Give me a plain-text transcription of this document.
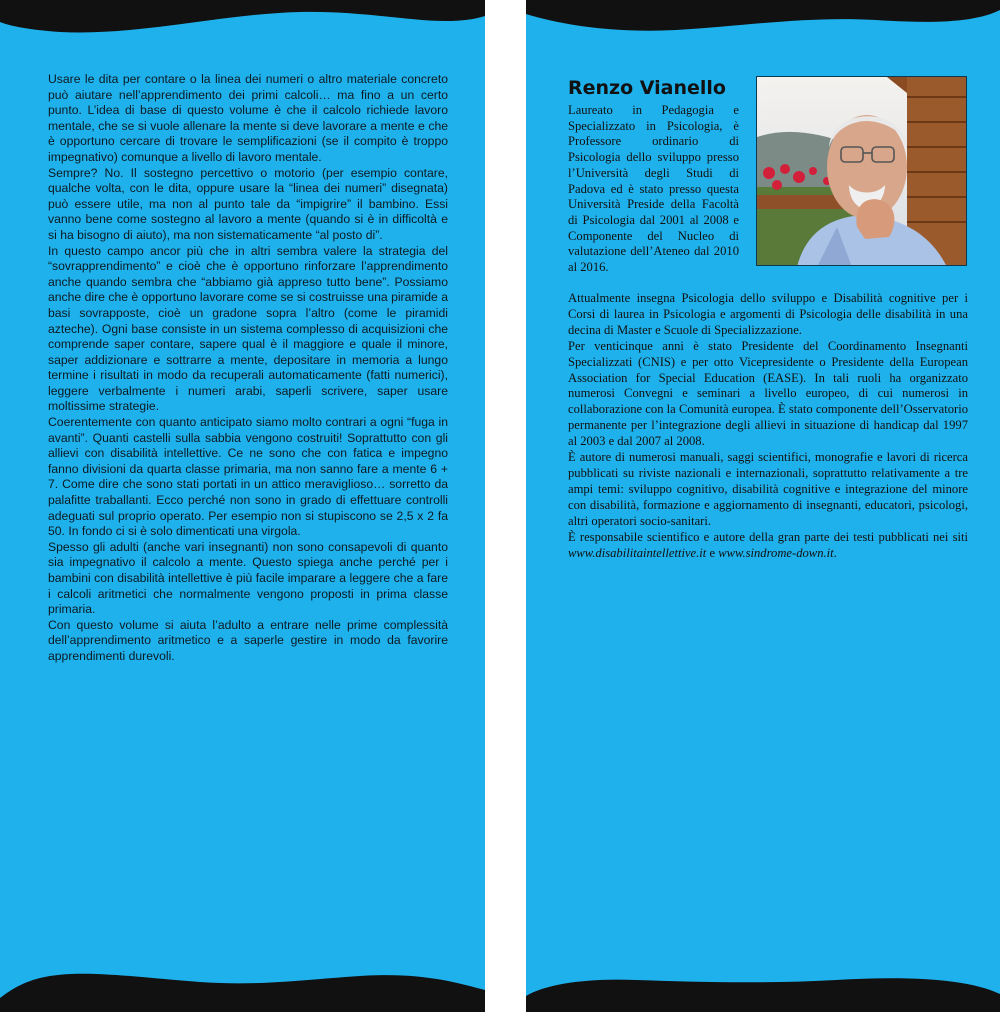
Usare le dita per contare o la linea dei numeri o altro materiale concreto può aiutare nell’apprendimento dei primi calcoli… ma fino a un certo punto. L’idea di base di questo volume è che il calcolo richiede lavoro mentale, che se si vuole allenare la mente si deve lavorare a mente e che è opportuno cercare di trovare le semplificazioni (se il compito è troppo impegnativo) comunque a livello di lavoro mentale.

Sempre? No. Il sostegno percettivo o motorio (per esempio contare, qualche volta, con le dita, oppure usare la “linea dei numeri” disegnata) può essere utile, ma non al punto tale da “impigrire” il bambino. Essi vanno bene come sostegno al lavoro a mente (quando si è in difficoltà e si ha bisogno di aiuto), ma non sistematicamente “al posto di”.

In questo campo ancor più che in altri sembra valere la strategia del “sovrapprendimento” e cioè che è opportuno rinforzare l’apprendimento anche quando sembra che “abbiamo già appreso tutto bene”. Possiamo anche dire che è opportuno lavorare come se si costruisse una piramide a basi sovrapposte, cioè un gradone sopra l’altro (come le piramidi azteche). Ogni base consiste in un sistema complesso di acquisizioni che comprende saper contare, sapere qual è il maggiore e quale il minore, saper addizionare e sottrarre a mente, depositare in memoria a lungo termine i risultati in modo da recuperali automaticamente (fatti numerici), leggere verbalmente i numeri arabi, saperli scrivere, saper usare moltissime strategie.

Coerentemente con quanto anticipato siamo molto contrari a ogni “fuga in avanti”. Quanti castelli sulla sabbia vengono costruiti! Soprattutto con gli allievi con disabilità intellettive. Ce ne sono che con fatica e impegno fanno divisioni da quarta classe primaria, ma non sanno fare a mente 6 + 7. Come dire che sono stati portati in un attico meraviglioso… sorretto da palafitte traballanti. Ecco perché non sono in grado di effettuare controlli adeguati sul proprio operato. Per esempio non si stupiscono se 2,5 x 2 fa 50. In fondo ci si è solo dimenticati una virgola.

Spesso gli adulti (anche vari insegnanti) non sono consapevoli di quanto sia impegnativo il calcolo a mente. Questo spiega anche perché per i bambini con disabilità intellettive è più facile imparare a leggere che a fare i calcoli aritmetici che normalmente vengono proposti in prima classe primaria.

Con questo volume si aiuta l’adulto a entrare nelle prime complessità dell’apprendimento aritmetico e a saperle gestire in modo da favorire apprendimenti durevoli.

Renzo Vianello

Laureato in Pedagogia e Specializzato in Psicologia, è Professore ordinario di Psicologia dello sviluppo presso l’Università degli Studi di Padova ed è stato presso questa Università Preside della Facoltà di Psicologia dal 2001 al 2008 e Componente del Nucleo di valutazione dell’Ateneo dal 2010 al 2016.

Attualmente insegna Psicologia dello sviluppo e Disabilità cognitive per i Corsi di laurea in Psicologia e argomenti di Psicologia delle disabilità in una decina di Master e Scuole di Specializzazione.

Per venticinque anni è stato Presidente del Coordinamento Insegnanti Specializzati (CNIS) e per otto Vicepresidente o Presidente della European Association for Special Education (EASE). In tali ruoli ha organizzato numerosi Convegni e seminari a livello europeo, di cui numerosi in collaborazione con la Comunità europea. È stato componente dell’Osservatorio permanente per l’integrazione degli allievi in situazione di handicap dal 1997 al 2003 e dal 2007 al 2008.

È autore di numerosi manuali, saggi scientifici, monografie e lavori di ricerca pubblicati su riviste nazionali e internazionali, soprattutto relativamente a tre ampi temi: sviluppo cognitivo, disabilità cognitive e integrazione del minore con disabilità, formazione e aggiornamento di insegnanti, educatori, psicologi, altri operatori socio-sanitari.

È responsabile scientifico e autore della gran parte dei testi pubblicati nei siti www.disabilitaintellettive.it e www.sindrome-down.it.
